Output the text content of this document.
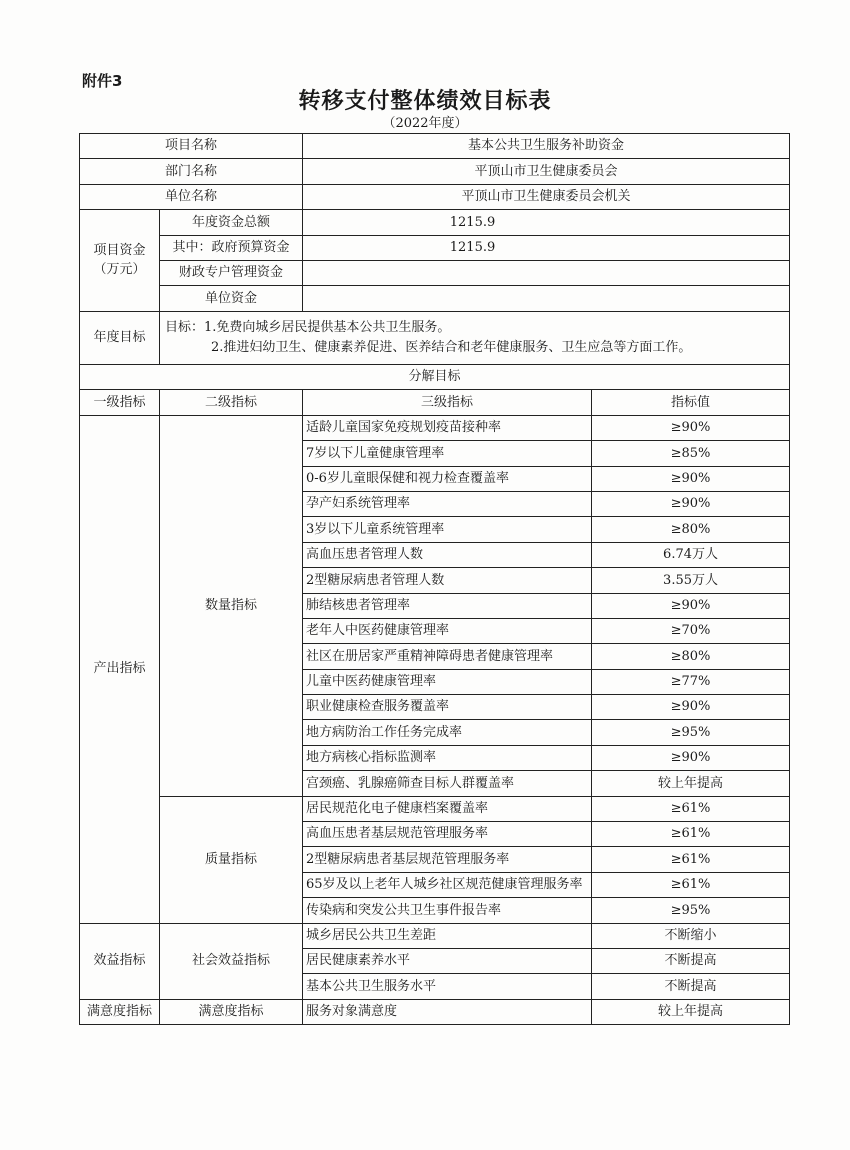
附件3
转移支付整体绩效目标表
（2022年度）
项目名称		基本公共卫生服务补助资金	
部门名称		平顶山市卫生健康委员会	
单位名称		平顶山市卫生健康委员会机关	
项目资金
（万元）	年度资金总额	1215.9	
	其中：政府预算资金	1215.9	
	财政专户管理资金		
	单位资金		
年度目标	目标：1.免费向城乡居民提供基本公共卫生服务。
2.推进妇幼卫生、健康素养促进、医养结合和老年健康服务、卫生应急等方面工作。		

分解目标			
一级指标	二级指标	三级指标	指标值
产出指标	数量指标	适龄儿童国家免疫规划疫苗接种率	≥90%
		7岁以下儿童健康管理率	≥85%
		0-6岁儿童眼保健和视力检查覆盖率	≥90%
		孕产妇系统管理率	≥90%
		3岁以下儿童系统管理率	≥80%
		高血压患者管理人数	6.74万人
		2型糖尿病患者管理人数	3.55万人
		肺结核患者管理率	≥90%
		老年人中医药健康管理率	≥70%
		社区在册居家严重精神障碍患者健康管理率	≥80%
		儿童中医药健康管理率	≥77%
		职业健康检查服务覆盖率	≥90%
		地方病防治工作任务完成率	≥95%
		地方病核心指标监测率	≥90%
		宫颈癌、乳腺癌筛查目标人群覆盖率	较上年提高
	质量指标	居民规范化电子健康档案覆盖率	≥61%
		高血压患者基层规范管理服务率	≥61%
		2型糖尿病患者基层规范管理服务率	≥61%
		65岁及以上老年人城乡社区规范健康管理服务率	≥61%
		传染病和突发公共卫生事件报告率	≥95%
效益指标	社会效益指标	城乡居民公共卫生差距	不断缩小
		居民健康素养水平	不断提高
		基本公共卫生服务水平	不断提高
满意度指标	满意度指标	服务对象满意度	较上年提高
